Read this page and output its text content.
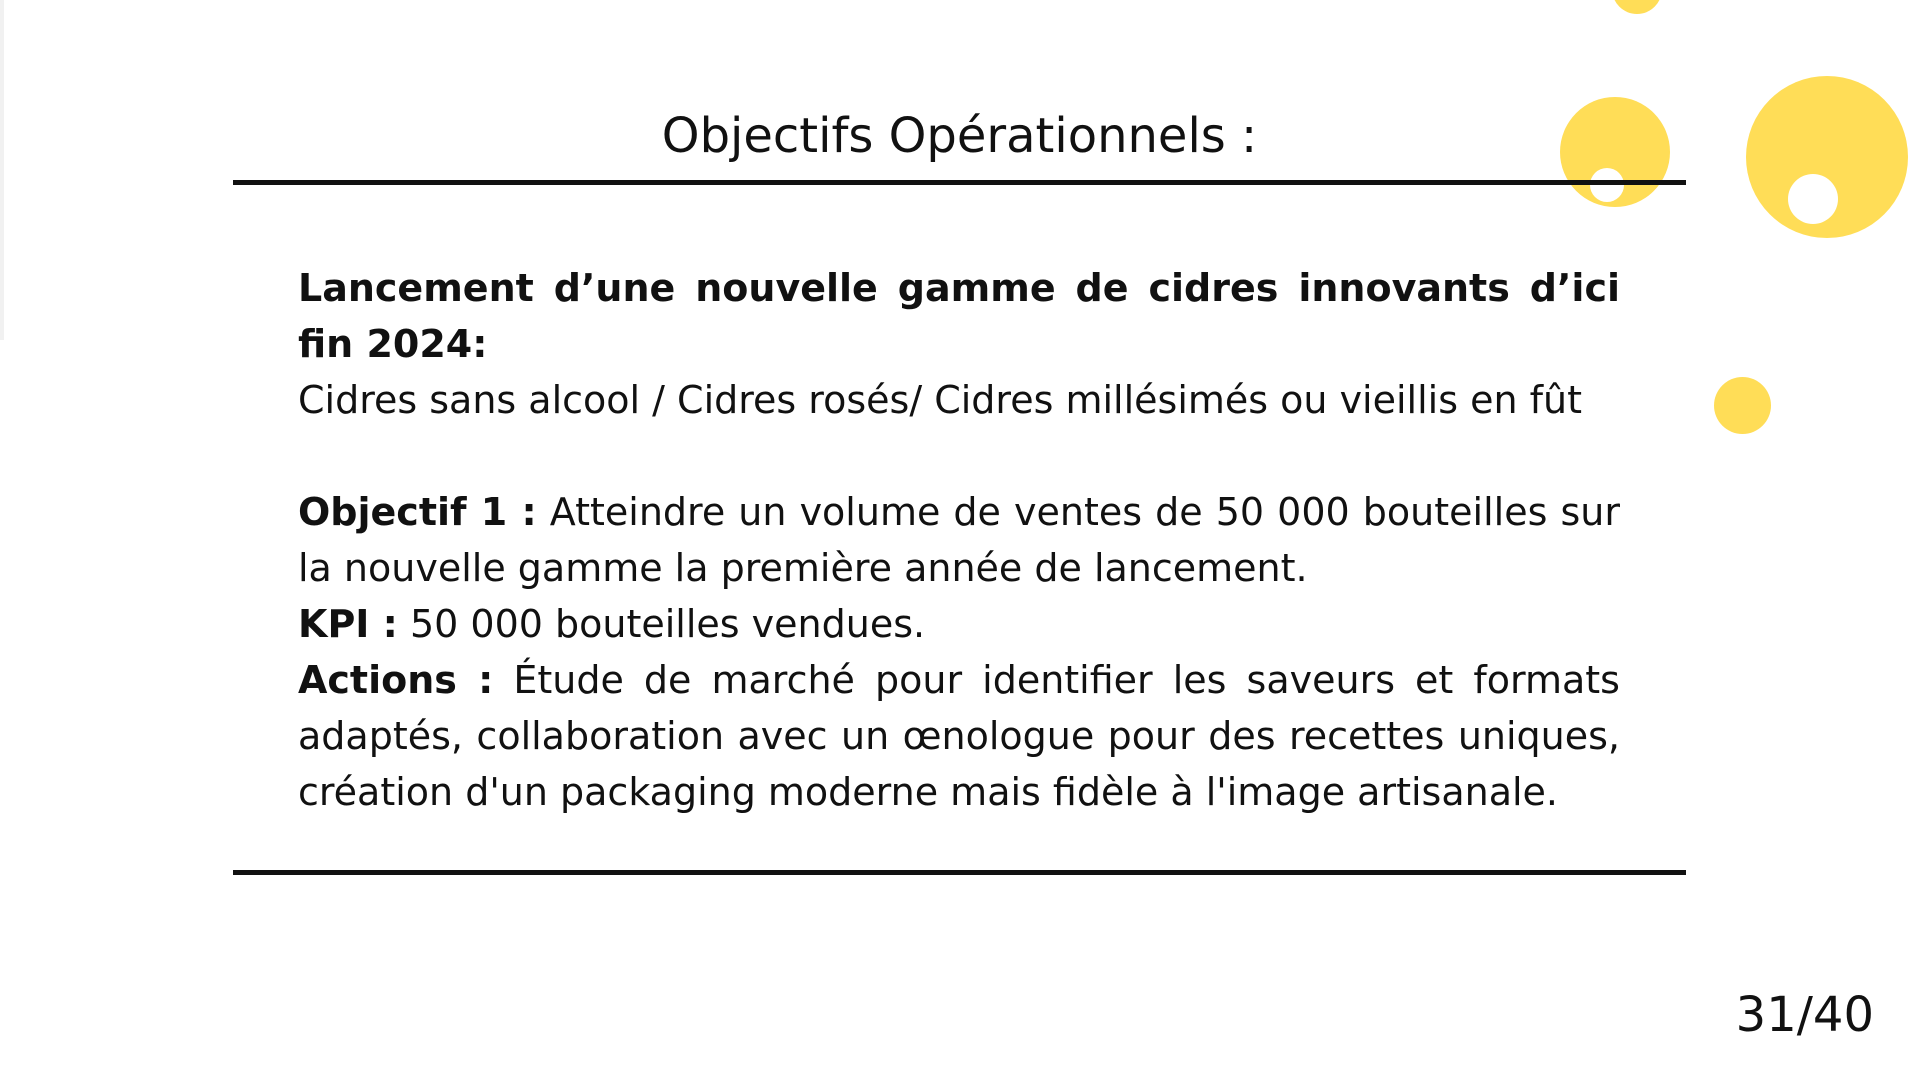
Objectifs Opérationnels :

Lancement d’une nouvelle gamme de cidres innovants d’ici fin 2024:

Cidres sans alcool / Cidres rosés/ Cidres millésimés ou vieillis en fût

Objectif 1 : Atteindre un volume de ventes de 50 000 bouteilles sur la nouvelle gamme la première année de lancement.

KPI : 50 000 bouteilles vendues.

Actions : Étude de marché pour identifier les saveurs et formats adaptés, collaboration avec un œnologue pour des recettes uniques, création d'un packaging moderne mais fidèle à l'image artisanale.

31/40
